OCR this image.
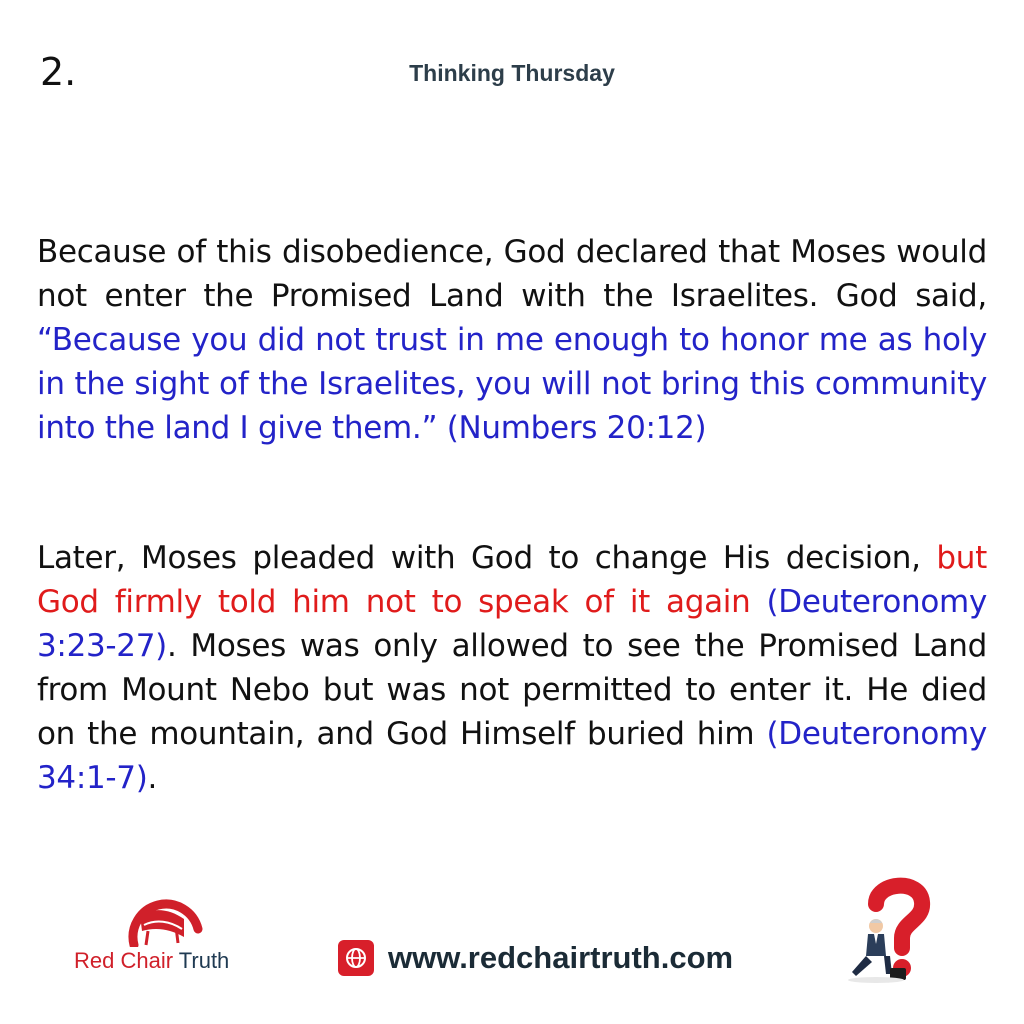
2.	Thinking Thursday

Because of this disobedience, God declared that Moses would not enter the Promised Land with the Israelites. God said, “Because you did not trust in me enough to honor me as holy in the sight of the Israelites, you will not bring this community into the land I give them.” (Numbers 20:12)

Later, Moses pleaded with God to change His decision, but God firmly told him not to speak of it again (Deuteronomy 3:23-27). Moses was only allowed to see the Promised Land from Mount Nebo but was not permitted to enter it. He died on the mountain, and God Himself buried him (Deuteronomy 34:1-7).

Red Chair Truth	www.redchairtruth.com
